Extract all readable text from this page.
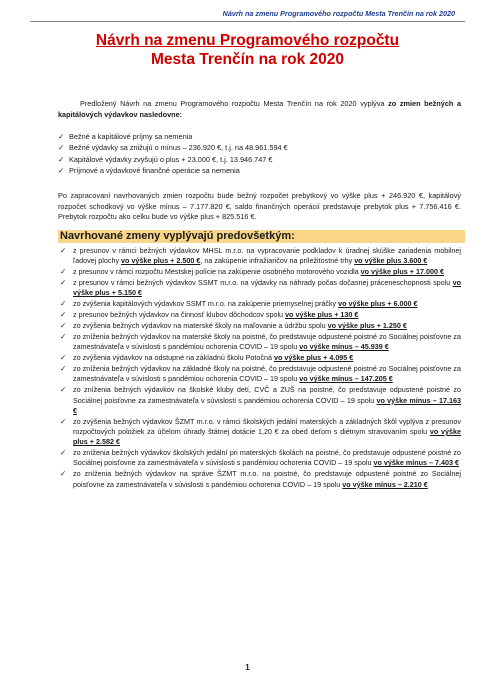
Návrh na zmenu Programového rozpočtu Mesta Trenčín na rok 2020
Návrh na zmenu Programového rozpočtu
Mesta Trenčín na rok 2020

Predložený Návrh na zmenu Programového rozpočtu Mesta Trenčín na rok 2020 vyplýva zo zmien bežných a kapitálových výdavkov nasledovne:

✓ Bežné a kapitálové príjmy sa nemenia
✓ Bežné výdavky sa znižujú o mínus – 236.920 €, t.j. na 48.961.594 €
✓ Kapitálové výdavky zvyšujú o plus + 23.000 €, t.j. 13.946.747 €
✓ Príjmové a výdavkové finančné operácie sa nemenia

Po zapracovaní navrhovaných zmien rozpočtu bude bežný rozpočet prebytkový vo výške plus + 246.920 €, kapitálový rozpočet schodkový vo výške mínus – 7.177.820 €, saldo finančných operácií predstavuje prebytok plus + 7.756.416 €. Prebytok rozpočtu ako celku bude vo výške plus + 825.516 €.

Navrhované zmeny vyplývajú predovšetkým:
✓ z presunov v rámci bežných výdavkov MHSL m.r.o. na vypracovanie podkladov k úradnej skúške zariadenia mobilnej ľadovej plochy vo výške plus + 2.500 €, na zakúpenie infražiaričov na príležitostné trhy vo výške plus 3.600 €
✓ z presunov v rámci rozpočtu Mestskej polície na zakúpenie osobného motorového vozidla vo výške plus + 17.000 €
✓ z presunov v rámci bežných výdavkov SSMT m.r.o. na výdavky na náhrady počas dočasnej práceneschopnosti spolu vo výške plus + 5.150 €
✓ zo zvýšenia kapitálových výdavkov SSMT m.r.o. na zakúpenie priemyselnej práčky vo výške plus + 6.000 €
✓ z presunov bežných výdavkov na činnosť klubov dôchodcov spolu vo výške plus + 130 €
✓ zo zvýšenia bežných výdavkov na materské školy na maľovanie a údržbu spolu vo výške plus + 1.250 €
✓ zo zníženia bežných výdavkov na materské školy na poistné, čo predstavuje odpustené poistné zo Sociálnej poisťovne za zamestnávateľa v súvislosti s pandémiou ochorenia COVID – 19 spolu vo výške mínus – 45.939 €
✓ zo zvýšenia výdavkov na odstupné na základnú školu Potočná vo výške plus + 4.095 €
✓ zo zníženia bežných výdavkov na základné školy na poistné, čo predstavuje odpustené poistné zo Sociálnej poisťovne za zamestnávateľa v súvislosti s pandémiou ochorenia COVID – 19 spolu vo výške mínus – 147.205 €
✓ zo zníženia bežných výdavkov na školské kluby detí, CVČ a ZUŠ na poistné, čo predstavuje odpustené poistné zo Sociálnej poisťovne za zamestnávateľa v súvislosti s pandémiou ochorenia COVID – 19 spolu vo výške mínus – 17.163 €
✓ zo zvýšenia bežných výdavkov ŠZMT m.r.o. v rámci školských jedální materských a základných škôl vyplýva z presunov rozpočtových položiek za účelom úhrady štátnej dotácie 1,20 € za obed deťom s diétnym stravovaním spolu vo výške plus + 2.582 €
✓ zo zníženia bežných výdavkov školských jedální pri materských školách na poistné, čo predstavuje odpustené poistné zo Sociálnej poisťovne za zamestnávateľa v súvislosti s pandémiou ochorenia COVID – 19 spolu vo výške mínus – 7.403 €
✓ zo zníženia bežných výdavkov na správe ŠZMT m.r.o. na poistné, čo predstavuje odpustené poistné zo Sociálnej poisťovne za zamestnávateľa v súvislosti s pandémiou ochorenia COVID – 19 spolu vo výške mínus – 2.210 €
1
